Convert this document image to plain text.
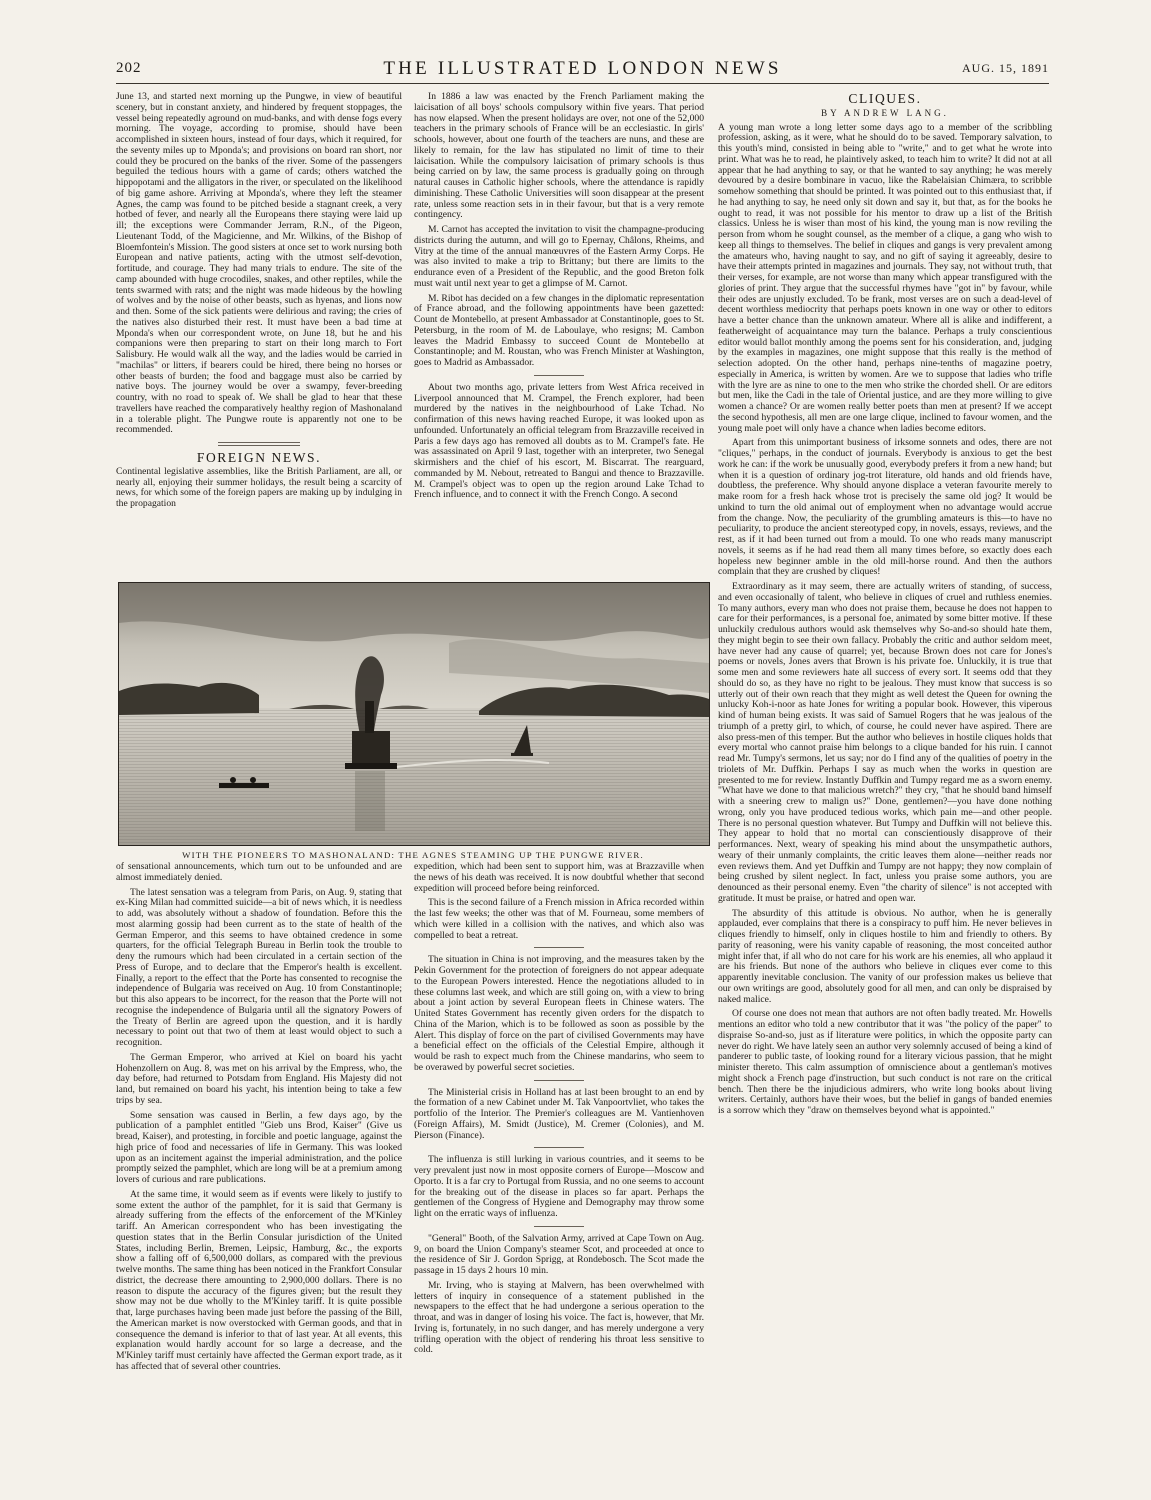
202	THE ILLUSTRATED LONDON NEWS	AUG. 15, 1891

June 13, and started next morning up the Pungwe, in view of beautiful scenery, but in constant anxiety, and hindered by frequent stoppages, the vessel being repeatedly aground on mud-banks, and with dense fogs every morning. The voyage, according to promise, should have been accomplished in sixteen hours, instead of four days, which it required, for the seventy miles up to Mponda's; and provisions on board ran short, nor could they be procured on the banks of the river. Some of the passengers beguiled the tedious hours with a game of cards; others watched the hippopotami and the alligators in the river, or speculated on the likelihood of big game ashore. Arriving at Mponda's, where they left the steamer Agnes, the camp was found to be pitched beside a stagnant creek, a very hotbed of fever, and nearly all the Europeans there staying were laid up ill; the exceptions were Commander Jerram, R.N., of the Pigeon, Lieutenant Todd, of the Magicienne, and Mr. Wilkins, of the Bishop of Bloemfontein's Mission. The good sisters at once set to work nursing both European and native patients, acting with the utmost self-devotion, fortitude, and courage. They had many trials to endure. The site of the camp abounded with huge crocodiles, snakes, and other reptiles, while the tents swarmed with rats; and the night was made hideous by the howling of wolves and by the noise of other beasts, such as hyenas, and lions now and then. Some of the sick patients were delirious and raving; the cries of the natives also disturbed their rest. It must have been a bad time at Mponda's when our correspondent wrote, on June 18, but he and his companions were then preparing to start on their long march to Fort Salisbury. He would walk all the way, and the ladies would be carried in "machilas" or litters, if bearers could be hired, there being no horses or other beasts of burden; the food and baggage must also be carried by native boys. The journey would be over a swampy, fever-breeding country, with no road to speak of. We shall be glad to hear that these travellers have reached the comparatively healthy region of Mashonaland in a tolerable plight. The Pungwe route is apparently not one to be recommended.

FOREIGN NEWS.

Continental legislative assemblies, like the British Parliament, are all, or nearly all, enjoying their summer holidays, the result being a scarcity of news, for which some of the foreign papers are making up by indulging in the propagation

In 1886 a law was enacted by the French Parliament making the laicisation of all boys' schools compulsory within five years. That period has now elapsed. When the present holidays are over, not one of the 52,000 teachers in the primary schools of France will be an ecclesiastic. In girls' schools, however, about one fourth of the teachers are nuns, and these are likely to remain, for the law has stipulated no limit of time to their laicisation. While the compulsory laicisation of primary schools is thus being carried on by law, the same process is gradually going on through natural causes in Catholic higher schools, where the attendance is rapidly diminishing. These Catholic Universities will soon disappear at the present rate, unless some reaction sets in in their favour, but that is a very remote contingency.

M. Carnot has accepted the invitation to visit the champagne-producing districts during the autumn, and will go to Epernay, Châlons, Rheims, and Vitry at the time of the annual manœuvres of the Eastern Army Corps. He was also invited to make a trip to Brittany; but there are limits to the endurance even of a President of the Republic, and the good Breton folk must wait until next year to get a glimpse of M. Carnot.

M. Ribot has decided on a few changes in the diplomatic representation of France abroad, and the following appointments have been gazetted: Count de Montebello, at present Ambassador at Constantinople, goes to St. Petersburg, in the room of M. de Laboulaye, who resigns; M. Cambon leaves the Madrid Embassy to succeed Count de Montebello at Constantinople; and M. Roustan, who was French Minister at Washington, goes to Madrid as Ambassador.

About two months ago, private letters from West Africa received in Liverpool announced that M. Crampel, the French explorer, had been murdered by the natives in the neighbourhood of Lake Tchad. No confirmation of this news having reached Europe, it was looked upon as unfounded. Unfortunately an official telegram from Brazzaville received in Paris a few days ago has removed all doubts as to M. Crampel's fate. He was assassinated on April 9 last, together with an interpreter, two Senegal skirmishers and the chief of his escort, M. Biscarrat. The rearguard, commanded by M. Nebout, retreated to Bangui and thence to Brazzaville. M. Crampel's object was to open up the region around Lake Tchad to French influence, and to connect it with the French Congo. A second

CLIQUES.

BY ANDREW LANG.

A young man wrote a long letter some days ago to a member of the scribbling profession, asking, as it were, what he should do to be saved. Temporary salvation, to this youth's mind, consisted in being able to "write," and to get what he wrote into print. What was he to read, he plaintively asked, to teach him to write? It did not at all appear that he had anything to say, or that he wanted to say anything; he was merely devoured by a desire bombinare in vacuo, like the Rabelaisian Chimæra, to scribble somehow something that should be printed. It was pointed out to this enthusiast that, if he had anything to say, he need only sit down and say it, but that, as for the books he ought to read, it was not possible for his mentor to draw up a list of the British classics. Unless he is wiser than most of his kind, the young man is now reviling the person from whom he sought counsel, as the member of a clique, a gang who wish to keep all things to themselves. The belief in cliques and gangs is very prevalent among the amateurs who, having naught to say, and no gift of saying it agreeably, desire to have their attempts printed in magazines and journals. They say, not without truth, that their verses, for example, are not worse than many which appear transfigured with the glories of print. They argue that the successful rhymes have "got in" by favour, while their odes are unjustly excluded. To be frank, most verses are on such a dead-level of decent worthless mediocrity that perhaps poets known in one way or other to editors have a better chance than the unknown amateur. Where all is alike and indifferent, a featherweight of acquaintance may turn the balance. Perhaps a truly conscientious editor would ballot monthly among the poems sent for his consideration, and, judging by the examples in magazines, one might suppose that this really is the method of selection adopted. On the other hand, perhaps nine-tenths of magazine poetry, especially in America, is written by women. Are we to suppose that ladies who trifle with the lyre are as nine to one to the men who strike the chorded shell. Or are editors but men, like the Cadi in the tale of Oriental justice, and are they more willing to give women a chance? Or are women really better poets than men at present? If we accept the second hypothesis, all men are one large clique, inclined to favour women, and the young male poet will only have a chance when ladies become editors.

Apart from this unimportant business of irksome sonnets and odes, there are not "cliques," perhaps, in the conduct of journals. Everybody is anxious to get the best work he can: if the work be unusually good, everybody prefers it from a new hand; but when it is a question of ordinary jog-trot literature, old hands and old friends have, doubtless, the preference. Why should anyone displace a veteran favourite merely to make room for a fresh hack whose trot is precisely the same old jog? It would be unkind to turn the old animal out of employment when no advantage would accrue from the change. Now, the peculiarity of the grumbling amateurs is this—to have no peculiarity, to produce the ancient stereotyped copy, in novels, essays, reviews, and the rest, as if it had been turned out from a mould. To one who reads many manuscript novels, it seems as if he had read them all many times before, so exactly does each hopeless new beginner amble in the old mill-horse round. And then the authors complain that they are crushed by cliques!

Extraordinary as it may seem, there are actually writers of standing, of success, and even occasionally of talent, who believe in cliques of cruel and ruthless enemies. To many authors, every man who does not praise them, because he does not happen to care for their performances, is a personal foe, animated by some bitter motive. If these unluckily credulous authors would ask themselves why So-and-so should hate them, they might begin to see their own fallacy. Probably the critic and author seldom meet, have never had any cause of quarrel; yet, because Brown does not care for Jones's poems or novels, Jones avers that Brown is his private foe. Unluckily, it is true that some men and some reviewers hate all success of every sort. It seems odd that they should do so, as they have no right to be jealous. They must know that success is so utterly out of their own reach that they might as well detest the Queen for owning the unlucky Koh-i-noor as hate Jones for writing a popular book. However, this viperous kind of human being exists. It was said of Samuel Rogers that he was jealous of the triumph of a pretty girl, to which, of course, he could never have aspired. There are also press-men of this temper. But the author who believes in hostile cliques holds that every mortal who cannot praise him belongs to a clique banded for his ruin. I cannot read Mr. Tumpy's sermons, let us say; nor do I find any of the qualities of poetry in the triolets of Mr. Duffkin. Perhaps I say as much when the works in question are presented to me for review. Instantly Duffkin and Tumpy regard me as a sworn enemy. "What have we done to that malicious wretch?" they cry, "that he should band himself with a sneering crew to malign us?" Done, gentlemen?—you have done nothing wrong, only you have produced tedious works, which pain me—and other people. There is no personal question whatever. But Tumpy and Duffkin will not believe this. They appear to hold that no mortal can conscientiously disapprove of their performances. Next, weary of speaking his mind about the unsympathetic authors, weary of their unmanly complaints, the critic leaves them alone—neither reads nor even reviews them. And yet Duffkin and Tumpy are not happy; they now complain of being crushed by silent neglect. In fact, unless you praise some authors, you are denounced as their personal enemy. Even "the charity of silence" is not accepted with gratitude. It must be praise, or hatred and open war.

The absurdity of this attitude is obvious. No author, when he is generally applauded, ever complains that there is a conspiracy to puff him. He never believes in cliques friendly to himself, only in cliques hostile to him and friendly to others. By parity of reasoning, were his vanity capable of reasoning, the most conceited author might infer that, if all who do not care for his work are his enemies, all who applaud it are his friends. But none of the authors who believe in cliques ever come to this apparently inevitable conclusion. The vanity of our profession makes us believe that our own writings are good, absolutely good for all men, and can only be dispraised by naked malice.

Of course one does not mean that authors are not often badly treated. Mr. Howells mentions an editor who told a new contributor that it was "the policy of the paper" to dispraise So-and-so, just as if literature were politics, in which the opposite party can never do right. We have lately seen an author very solemnly accused of being a kind of panderer to public taste, of looking round for a literary vicious passion, that he might minister thereto. This calm assumption of omniscience about a gentleman's motives might shock a French page d'instruction, but such conduct is not rare on the critical bench. Then there be the injudicious admirers, who write long books about living writers. Certainly, authors have their woes, but the belief in gangs of banded enemies is a sorrow which they "draw on themselves beyond what is appointed."

WITH THE PIONEERS TO MASHONALAND: THE AGNES STEAMING UP THE PUNGWE RIVER.

of sensational announcements, which turn out to be unfounded and are almost immediately denied.

The latest sensation was a telegram from Paris, on Aug. 9, stating that ex-King Milan had committed suicide—a bit of news which, it is needless to add, was absolutely without a shadow of foundation. Before this the most alarming gossip had been current as to the state of health of the German Emperor, and this seems to have obtained credence in some quarters, for the official Telegraph Bureau in Berlin took the trouble to deny the rumours which had been circulated in a certain section of the Press of Europe, and to declare that the Emperor's health is excellent. Finally, a report to the effect that the Porte has consented to recognise the independence of Bulgaria was received on Aug. 10 from Constantinople; but this also appears to be incorrect, for the reason that the Porte will not recognise the independence of Bulgaria until all the signatory Powers of the Treaty of Berlin are agreed upon the question, and it is hardly necessary to point out that two of them at least would object to such a recognition.

The German Emperor, who arrived at Kiel on board his yacht Hohenzollern on Aug. 8, was met on his arrival by the Empress, who, the day before, had returned to Potsdam from England. His Majesty did not land, but remained on board his yacht, his intention being to take a few trips by sea.

Some sensation was caused in Berlin, a few days ago, by the publication of a pamphlet entitled "Gieb uns Brod, Kaiser" (Give us bread, Kaiser), and protesting, in forcible and poetic language, against the high price of food and necessaries of life in Germany. This was looked upon as an incitement against the imperial administration, and the police promptly seized the pamphlet, which are long will be at a premium among lovers of curious and rare publications.

At the same time, it would seem as if events were likely to justify to some extent the author of the pamphlet, for it is said that Germany is already suffering from the effects of the enforcement of the M'Kinley tariff. An American correspondent who has been investigating the question states that in the Berlin Consular jurisdiction of the United States, including Berlin, Bremen, Leipsic, Hamburg, &c., the exports show a falling off of 6,500,000 dollars, as compared with the previous twelve months. The same thing has been noticed in the Frankfort Consular district, the decrease there amounting to 2,900,000 dollars. There is no reason to dispute the accuracy of the figures given; but the result they show may not be due wholly to the M'Kinley tariff. It is quite possible that, large purchases having been made just before the passing of the Bill, the American market is now overstocked with German goods, and that in consequence the demand is inferior to that of last year. At all events, this explanation would hardly account for so large a decrease, and the M'Kinley tariff must certainly have affected the German export trade, as it has affected that of several other countries.

expedition, which had been sent to support him, was at Brazzaville when the news of his death was received. It is now doubtful whether that second expedition will proceed before being reinforced.

This is the second failure of a French mission in Africa recorded within the last few weeks; the other was that of M. Fourneau, some members of which were killed in a collision with the natives, and which also was compelled to beat a retreat.

The situation in China is not improving, and the measures taken by the Pekin Government for the protection of foreigners do not appear adequate to the European Powers interested. Hence the negotiations alluded to in these columns last week, and which are still going on, with a view to bring about a joint action by several European fleets in Chinese waters. The United States Government has recently given orders for the dispatch to China of the Marion, which is to be followed as soon as possible by the Alert. This display of force on the part of civilised Governments may have a beneficial effect on the officials of the Celestial Empire, although it would be rash to expect much from the Chinese mandarins, who seem to be overawed by powerful secret societies.

The Ministerial crisis in Holland has at last been brought to an end by the formation of a new Cabinet under M. Tak Vanpoortvliet, who takes the portfolio of the Interior. The Premier's colleagues are M. Vantienhoven (Foreign Affairs), M. Smidt (Justice), M. Cremer (Colonies), and M. Pierson (Finance).

The influenza is still lurking in various countries, and it seems to be very prevalent just now in most opposite corners of Europe—Moscow and Oporto. It is a far cry to Portugal from Russia, and no one seems to account for the breaking out of the disease in places so far apart. Perhaps the gentlemen of the Congress of Hygiene and Demography may throw some light on the erratic ways of influenza.

"General" Booth, of the Salvation Army, arrived at Cape Town on Aug. 9, on board the Union Company's steamer Scot, and proceeded at once to the residence of Sir J. Gordon Sprigg, at Rondebosch. The Scot made the passage in 15 days 2 hours 10 min.

Mr. Irving, who is staying at Malvern, has been overwhelmed with letters of inquiry in consequence of a statement published in the newspapers to the effect that he had undergone a serious operation to the throat, and was in danger of losing his voice. The fact is, however, that Mr. Irving is, fortunately, in no such danger, and has merely undergone a very trifling operation with the object of rendering his throat less sensitive to cold.
